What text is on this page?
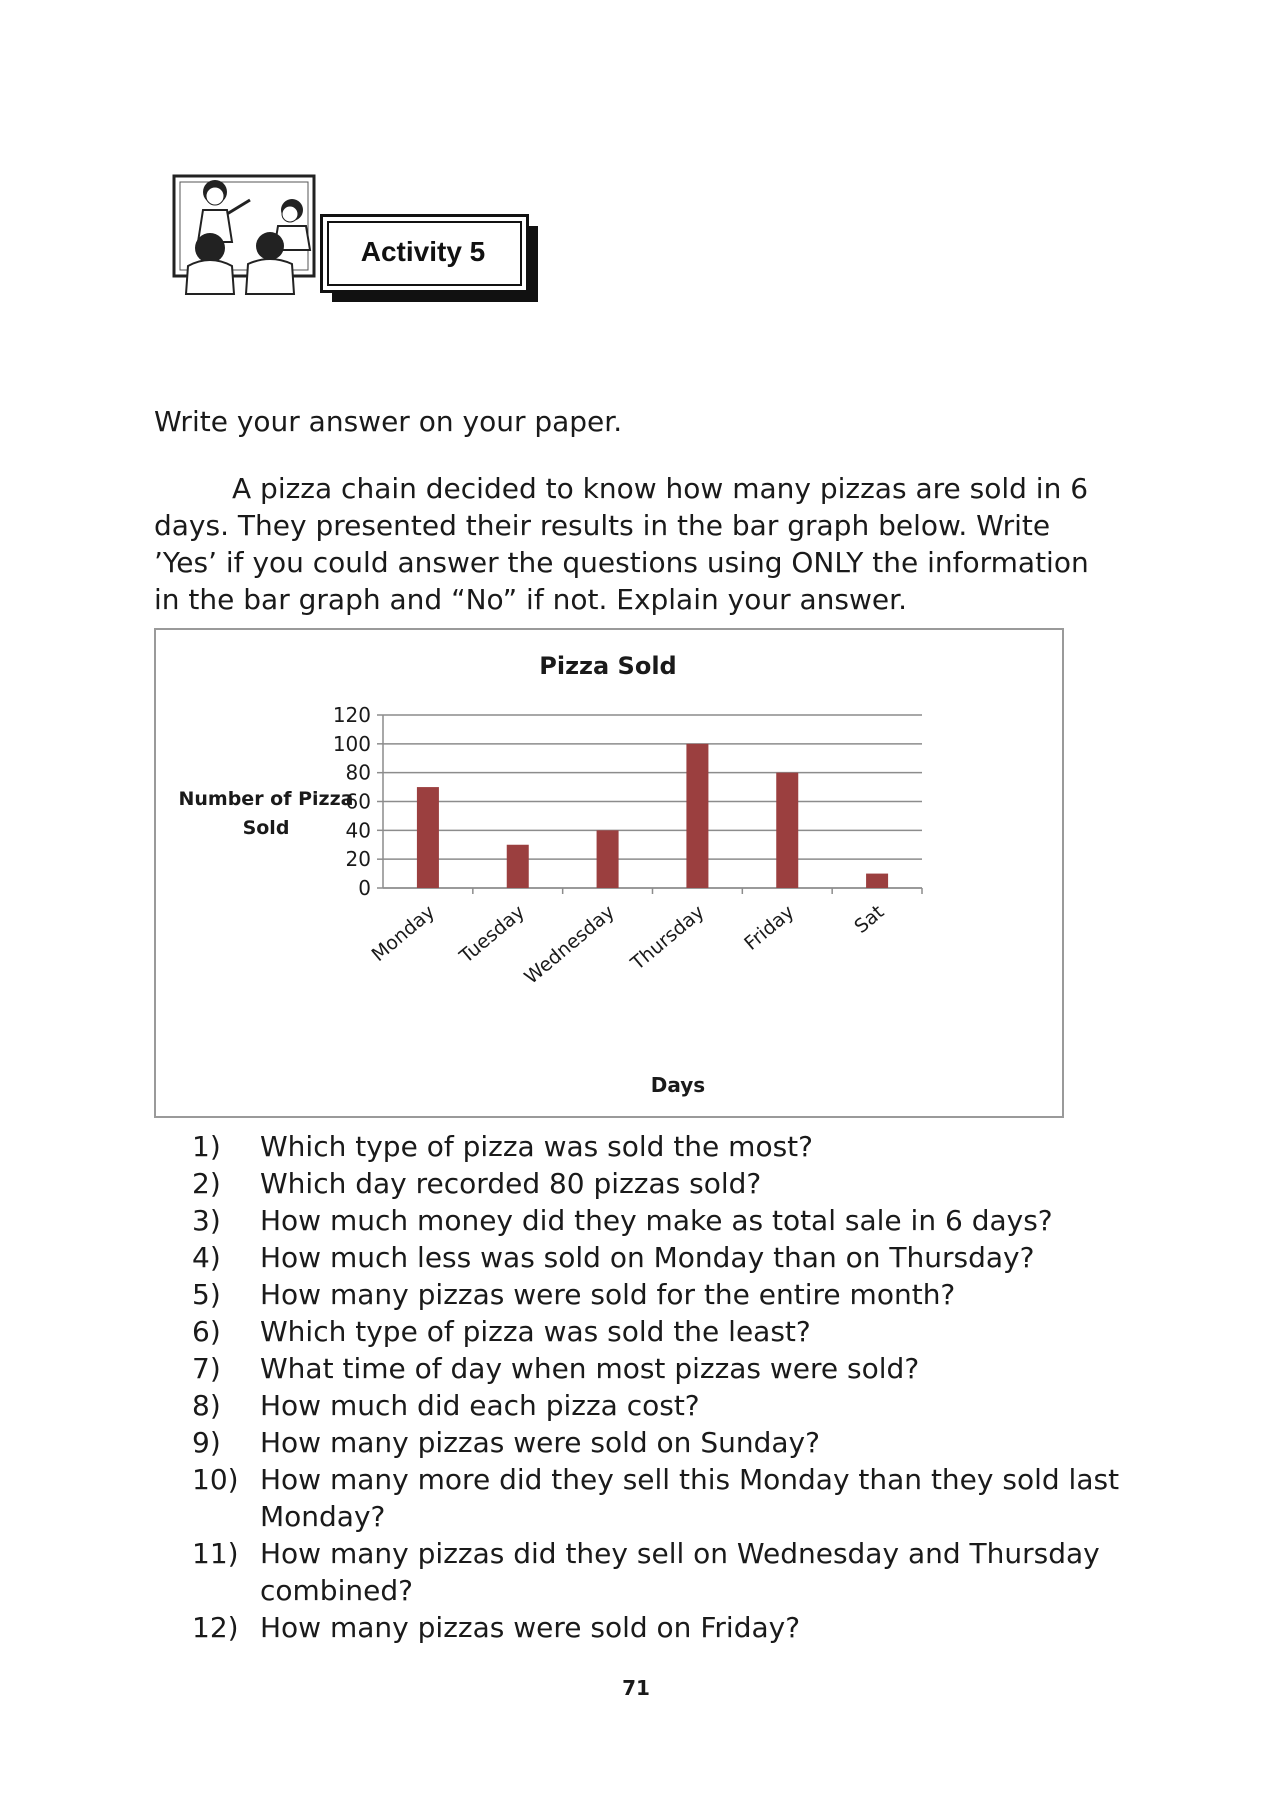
Activity 5
Write your answer on your paper.
A pizza chain decided to know how many pizzas are sold in 6
days. They presented their results in the bar graph below. Write
’Yes’ if you could answer the questions using ONLY the information
in the bar graph and “No” if not. Explain your answer.
Pizza Sold
Number of Pizza
Sold
Days
0
20
40
60
80
100
120
Monday Tuesday
Wednesday Thursday Friday	Sat
1) Which type of pizza was sold the most?
2) Which day recorded 80 pizzas sold?
3) How much money did they make as total sale in 6 days?
4) How much less was sold on Monday than on Thursday?
5) How many pizzas were sold for the entire month?
6) Which type of pizza was sold the least?
7) What time of day when most pizzas were sold?
8) How much did each pizza cost?
9) How many pizzas were sold on Sunday?
10) How many more did they sell this Monday than they sold last Monday?
11) How many pizzas did they sell on Wednesday and Thursday combined?
12) How many pizzas were sold on Friday?
71
